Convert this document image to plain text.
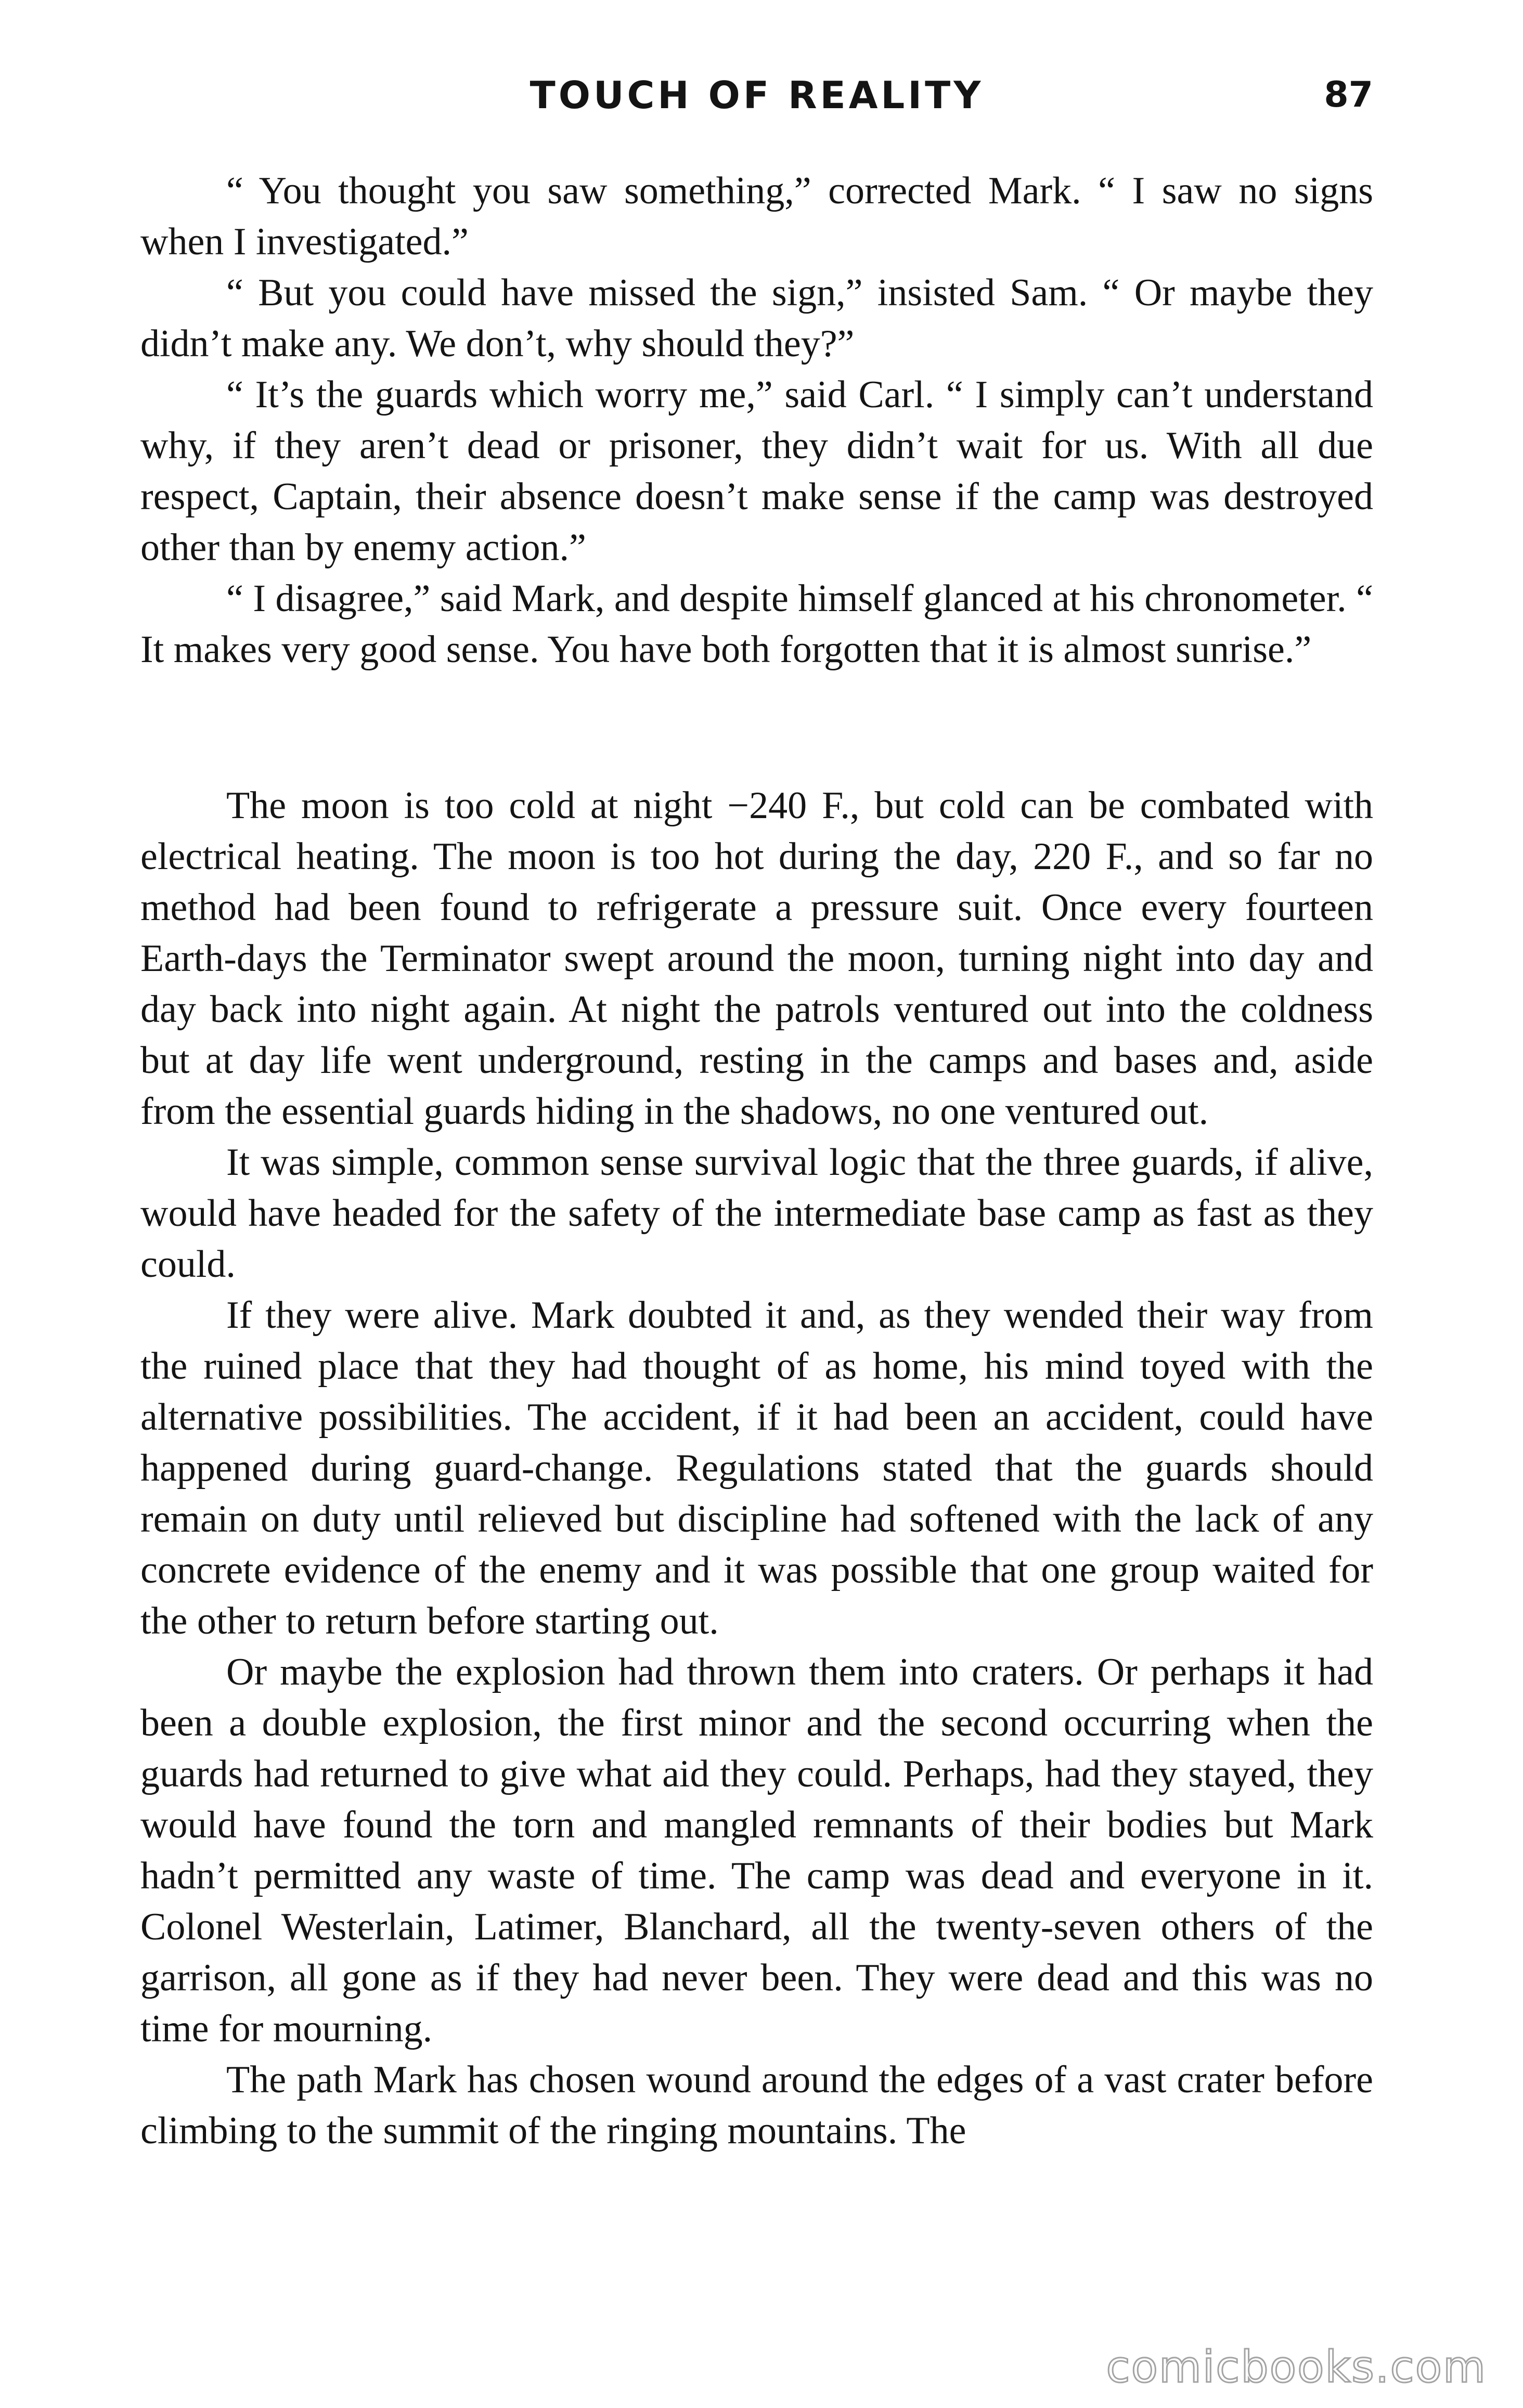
TOUCH OF REALITY	87

“ You thought you saw something,” corrected Mark. “ I saw no signs when I investigated.”

“ But you could have missed the sign,” insisted Sam. “ Or maybe they didn’t make any. We don’t, why should they?”

“ It’s the guards which worry me,” said Carl. “ I simply can’t understand why, if they aren’t dead or prisoner, they didn’t wait for us. With all due respect, Captain, their absence doesn’t make sense if the camp was destroyed other than by enemy action.”

“ I disagree,” said Mark, and despite himself glanced at his chronometer. “ It makes very good sense. You have both forgotten that it is almost sunrise.”

The moon is too cold at night −240 F., but cold can be combated with electrical heating. The moon is too hot during the day, 220 F., and so far no method had been found to refrigerate a pressure suit. Once every fourteen Earth-days the Terminator swept around the moon, turning night into day and day back into night again. At night the patrols ventured out into the coldness but at day life went underground, resting in the camps and bases and, aside from the essential guards hiding in the shadows, no one ventured out.

It was simple, common sense survival logic that the three guards, if alive, would have headed for the safety of the intermediate base camp as fast as they could.

If they were alive. Mark doubted it and, as they wended their way from the ruined place that they had thought of as home, his mind toyed with the alternative possibilities. The accident, if it had been an accident, could have happened during guard-change. Regulations stated that the guards should remain on duty until relieved but discipline had softened with the lack of any concrete evidence of the enemy and it was possible that one group waited for the other to return before starting out.

Or maybe the explosion had thrown them into craters. Or perhaps it had been a double explosion, the first minor and the second occurring when the guards had returned to give what aid they could. Perhaps, had they stayed, they would have found the torn and mangled remnants of their bodies but Mark hadn’t permitted any waste of time. The camp was dead and everyone in it. Colonel Westerlain, Latimer, Blanchard, all the twenty-seven others of the garrison, all gone as if they had never been. They were dead and this was no time for mourning.

The path Mark has chosen wound around the edges of a vast crater before climbing to the summit of the ringing mountains. The

comicbooks.com
